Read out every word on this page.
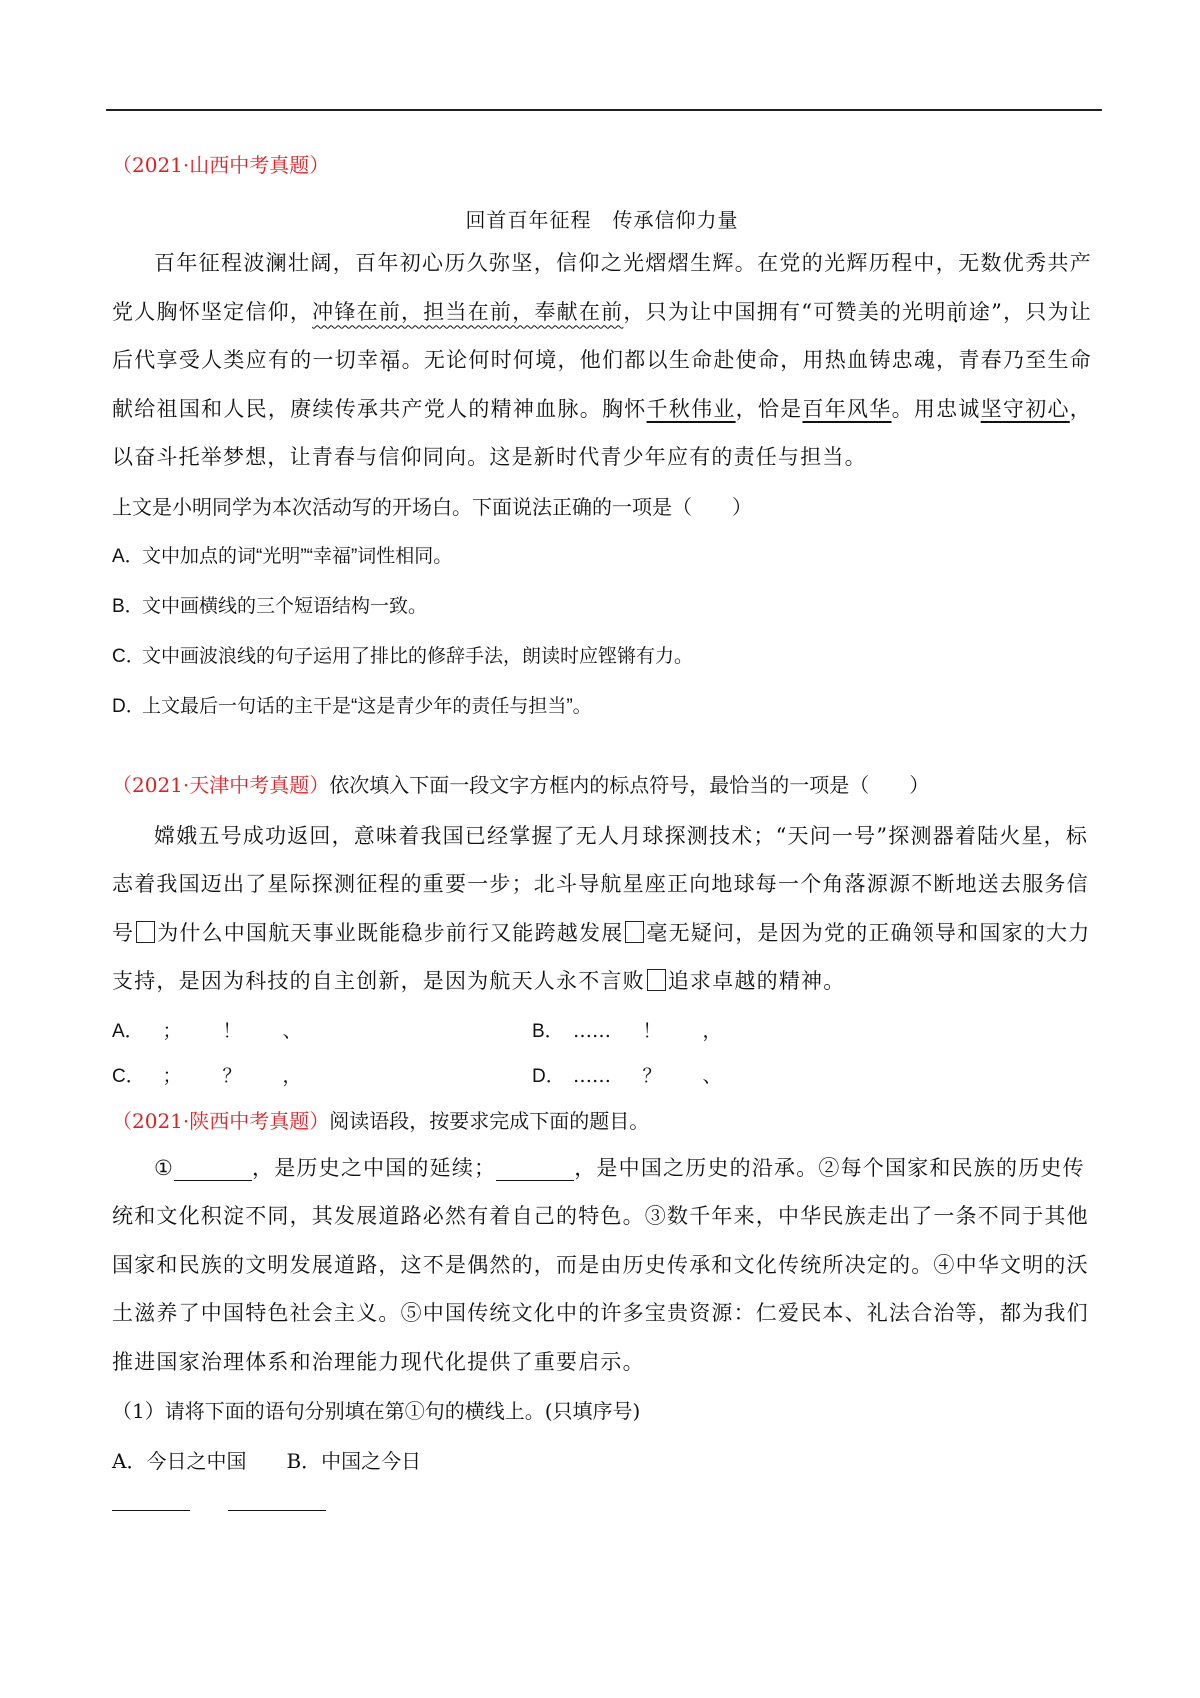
（2021·山西中考真题）
回首百年征程　传承信仰力量

百年征程波澜壮阔，百年初心历久弥坚，信仰之光熠熠生辉。在党的光辉历程中，无数优秀共产党人胸怀坚定信仰，冲锋在前，担当在前，奉献在前，只为让中国拥有“可赞美的光明前途”，只为让后代享受人类应有的一切幸福。无论何时何境，他们都以生命赴使命，用热血铸忠魂，青春乃至生命献给祖国和人民，赓续传承共产党人的精神血脉。胸怀千秋伟业，恰是百年风华。用忠诚坚守初心，以奋斗托举梦想，让青春与信仰同向。这是新时代青少年应有的责任与担当。

上文是小明同学为本次活动写的开场白。下面说法正确的一项是（　　）
A．文中加点的词“光明”“幸福”词性相同。
B．文中画横线的三个短语结构一致。
C．文中画波浪线的句子运用了排比的修辞手法，朗读时应铿锵有力。
D．上文最后一句话的主干是“这是青少年的责任与担当”。
（2021·天津中考真题）依次填入下面一段文字方框内的标点符号，最恰当的一项是（　　）

嫦娥五号成功返回，意味着我国已经掌握了无人月球探测技术；“天问一号”探测器着陆火星，标志着我国迈出了星际探测征程的重要一步；北斗导航星座正向地球每一个角落源源不断地送去服务信号 为什么中国航天事业既能稳步前行又能跨越发展 毫无疑问，是因为党的正确领导和国家的大力支持，是因为科技的自主创新，是因为航天人永不言败 追求卓越的精神。

A． ； ！ 、	B． …… ！ ，
C． ； ？ ，	D． …… ？ 、
（2021·陕西中考真题）阅读语段，按要求完成下面的题目。

①	，是历史之中国的延续；	，是中国之历史的沿承。②每个国家和民族的历史传统和文化积淀不同，其发展道路必然有着自己的特色。③数千年来，中华民族走出了一条不同于其他国家和民族的文明发展道路，这不是偶然的，而是由历史传承和文化传统所决定的。④中华文明的沃土滋养了中国特色社会主义。⑤中国传统文化中的许多宝贵资源：仁爱民本、礼法合治等，都为我们推进国家治理体系和治理能力现代化提供了重要启示。

（1）请将下面的语句分别填在第①句的横线上。(只填序号)
A．今日之中国　　B．中国之今日
